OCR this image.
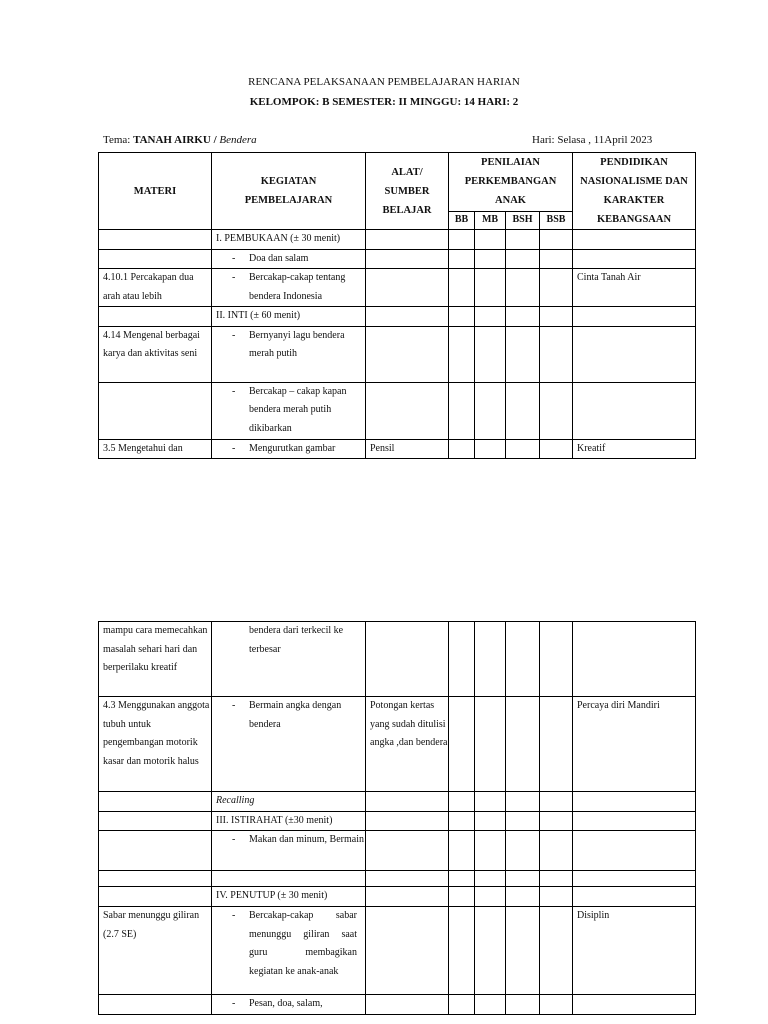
RENCANA PELAKSANAAN PEMBELAJARAN HARIAN
KELOMPOK: B SEMESTER: II MINGGU: 14 HARI: 2
Tema: TANAH AIRKU / Bendera	Hari: Selasa , 11April 2023
MATERI	KEGIATAN PEMBELAJARAN	ALAT/ SUMBER BELAJAR	PENILAIAN PERKEMBANGAN ANAK				PENDIDIKAN NASIONALISME DAN KARAKTER KEBANGSAAN
			BB	MB	BSH	BSB	
	I. PEMBUKAAN (± 30 menit)						

	- Doa dan salam						
4.10.1 Percakapan dua arah atau lebih	- Bercakap-cakap tentang bendera Indonesia						Cinta Tanah Air
	II. INTI (± 60 menit)						
4.14 Mengenal berbagai karya dan aktivitas seni	- Bernyanyi lagu bendera merah putih						

	- Bercakap – cakap kapan bendera merah putih dikibarkan						
3.5 Mengetahui dan	- Mengurutkan gambar	Pensil					Kreatif
mampu cara memecahkan masalah sehari hari dan berperilaku kreatif	bendera dari terkecil ke terbesar						
4.3 Menggunakan anggota tubuh untuk pengembangan motorik kasar dan motorik halus	- Bermain angka dengan bendera	Potongan kertas yang sudah ditulisi angka ,dan bendera					Percaya diri Mandiri
	Recalling						
	III. ISTIRAHAT (±30 menit)						

	- Makan dan minum, Bermain						

	IV. PENUTUP (± 30 menit)						
Sabar menunggu giliran (2.7 SE)	- Bercakap-cakap sabar menunggu giliran saat guru membagikan kegiatan ke anak-anak						Disiplin

	- Pesan, doa, salam,						
